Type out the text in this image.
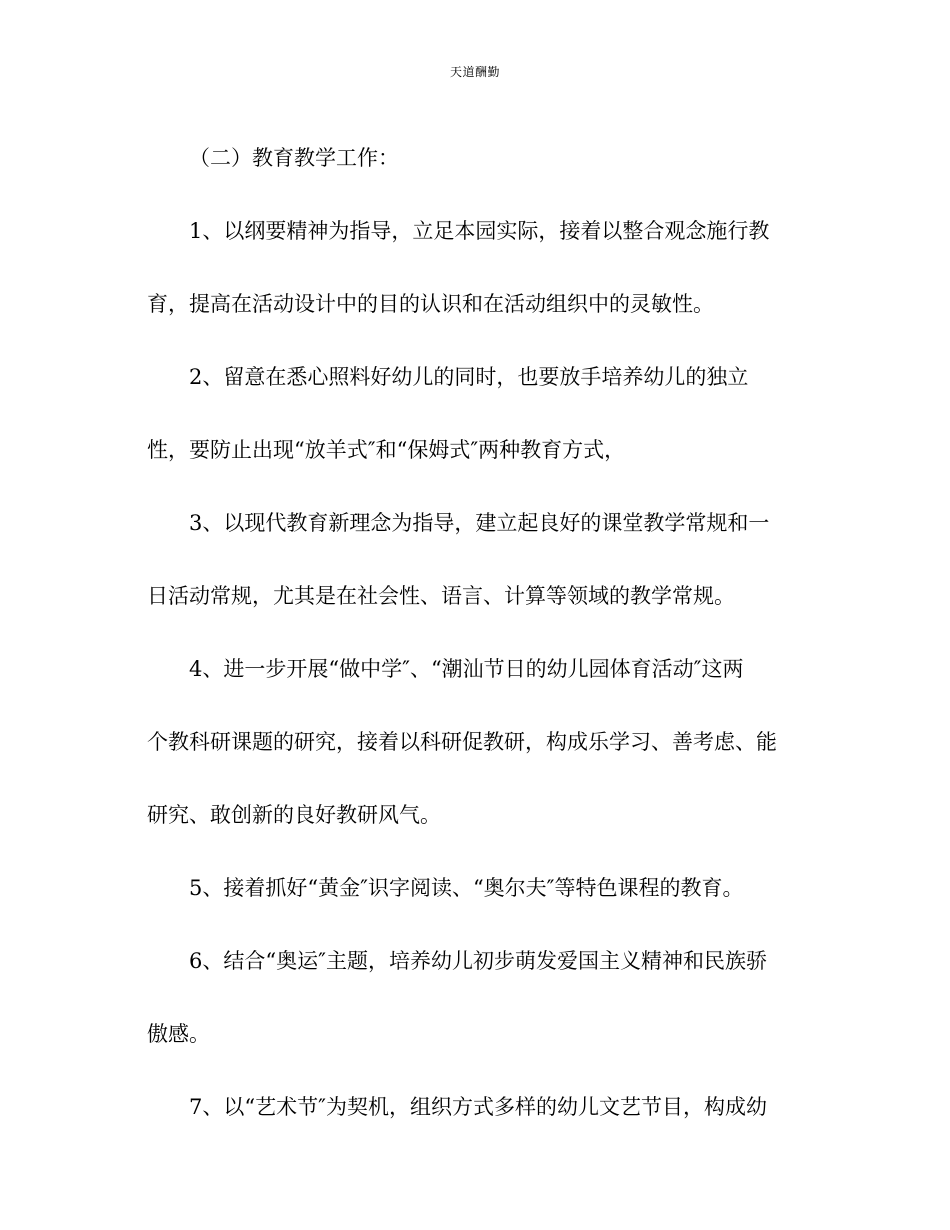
天道酬勤
（二）教育教学工作：
1、以纲要精神为指导，立足本园实际，接着以整合观念施行教
育，提高在活动设计中的目的认识和在活动组织中的灵敏性。
2、留意在悉心照料好幼儿的同时，也要放手培养幼儿的独立
性，要防止出现“放羊式″和“保姆式″两种教育方式，
3、以现代教育新理念为指导，建立起良好的课堂教学常规和一
日活动常规，尤其是在社会性、语言、计算等领域的教学常规。
4、进一步开展“做中学″、“潮汕节日的幼儿园体育活动″这两
个教科研课题的研究，接着以科研促教研，构成乐学习、善考虑、能
研究、敢创新的良好教研风气。
5、接着抓好“黄金″识字阅读、“奥尔夫″等特色课程的教育。
6、结合“奥运″主题，培养幼儿初步萌发爱国主义精神和民族骄
傲感。
7、以“艺术节″为契机，组织方式多样的幼儿文艺节目，构成幼
